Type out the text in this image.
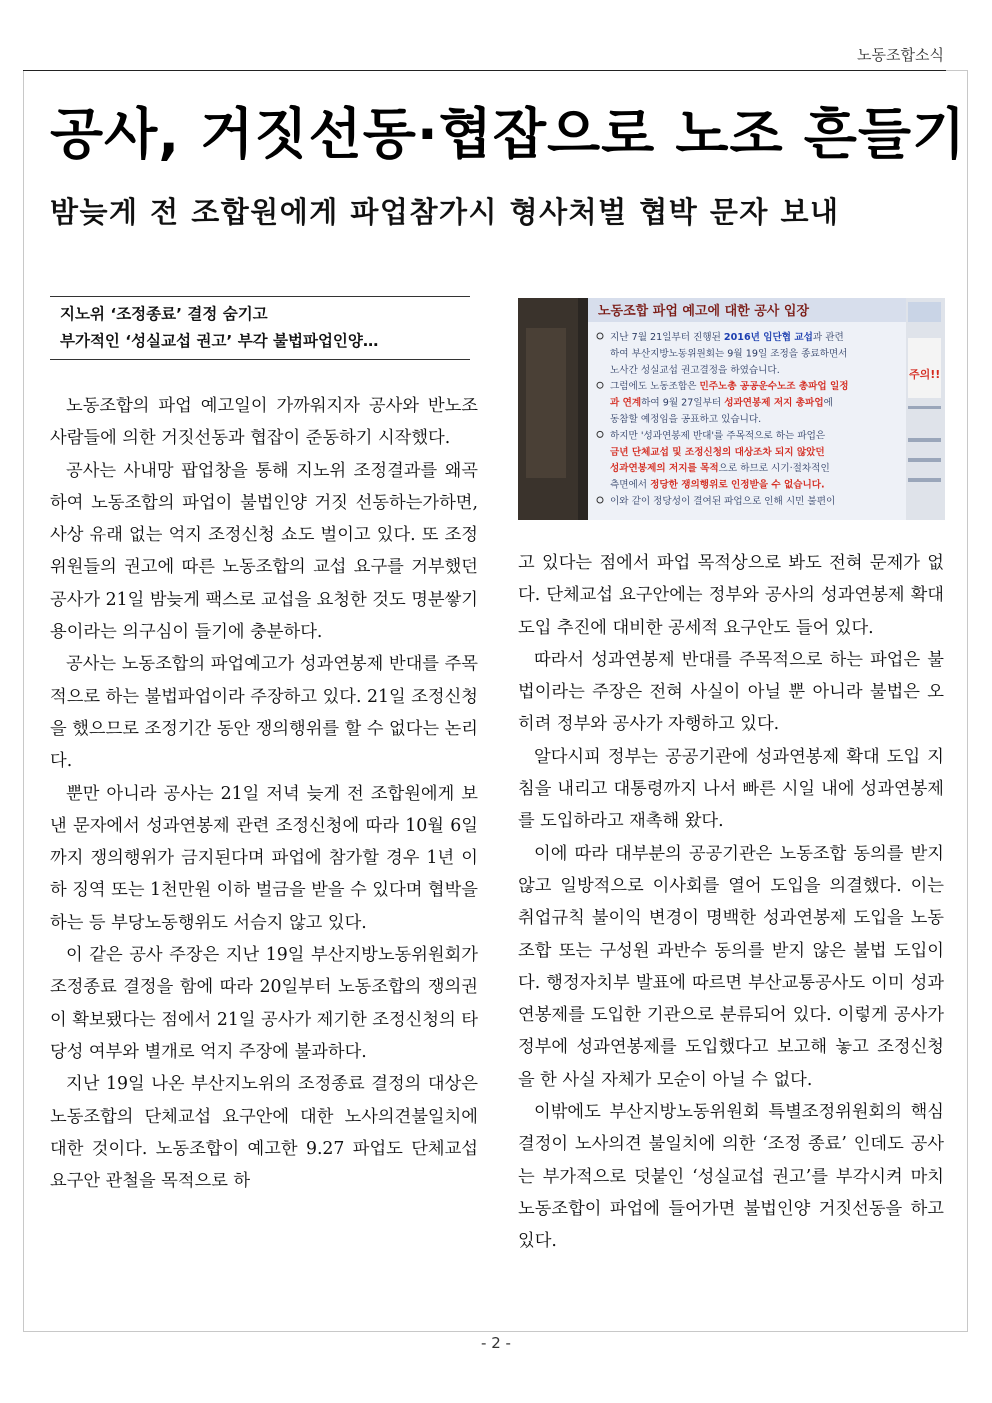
노동조합소식
공사, 거짓선동·협잡으로 노조 흔들기
밤늦게 전 조합원에게 파업참가시 형사처벌 협박 문자 보내
지노위 ‘조정종료’ 결정 숨기고
부가적인 ‘성실교섭 권고’ 부각 불법파업인양…
주의!!
노동조합 파업 예고에 대한 공사 입장
지난 7월 21일부터 진행된 2016년 임단협 교섭과 관련
하여 부산지방노동위원회는 9월 19일 조정을 종료하면서
노사간 성실교섭 권고결정을 하였습니다.
그럼에도 노동조합은 민주노총 공공운수노조 총파업 일정
과 연계하여 9월 27일부터 성과연봉제 저지 총파업에
동참할 예정임을 공표하고 있습니다.
하지만 '성과연봉제 반대'를 주목적으로 하는 파업은
금년 단체교섭 및 조정신청의 대상조차 되지 않았던
성과연봉제의 저지를 목적으로 하므로 시기·절차적인
측면에서 정당한 쟁의행위로 인정받을 수 없습니다.
이와 같이 정당성이 결여된 파업으로 인해 시민 불편이

노동조합의 파업 예고일이 가까워지자 공사와 반노조 사람들에 의한 거짓선동과 협잡이 준동하기 시작했다.

공사는 사내망 팝업창을 통해 지노위 조정결과를 왜곡하여 노동조합의 파업이 불법인양 거짓 선동하는가하면, 사상 유래 없는 억지 조정신청 쇼도 벌이고 있다. 또 조정위원들의 권고에 따른 노동조합의 교섭 요구를 거부했던 공사가 21일 밤늦게 팩스로 교섭을 요청한 것도 명분쌓기용이라는 의구심이 들기에 충분하다.

공사는 노동조합의 파업예고가 성과연봉제 반대를 주목적으로 하는 불법파업이라 주장하고 있다. 21일 조정신청을 했으므로 조정기간 동안 쟁의행위를 할 수 없다는 논리다.

뿐만 아니라 공사는 21일 저녁 늦게 전 조합원에게 보낸 문자에서 성과연봉제 관련 조정신청에 따라 10월 6일까지 쟁의행위가 금지된다며 파업에 참가할 경우 1년 이하 징역 또는 1천만원 이하 벌금을 받을 수 있다며 협박을 하는 등 부당노동행위도 서슴지 않고 있다.

이 같은 공사 주장은 지난 19일 부산지방노동위원회가 조정종료 결정을 함에 따라 20일부터 노동조합의 쟁의권이 확보됐다는 점에서 21일 공사가 제기한 조정신청의 타당성 여부와 별개로 억지 주장에 불과하다.

지난 19일 나온 부산지노위의 조정종료 결정의 대상은 노동조합의 단체교섭 요구안에 대한 노사의견불일치에 대한 것이다. 노동조합이 예고한 9.27 파업도 단체교섭 요구안 관철을 목적으로 하

고 있다는 점에서 파업 목적상으로 봐도 전혀 문제가 없다. 단체교섭 요구안에는 정부와 공사의 성과연봉제 확대 도입 추진에 대비한 공세적 요구안도 들어 있다.

따라서 성과연봉제 반대를 주목적으로 하는 파업은 불법이라는 주장은 전혀 사실이 아닐 뿐 아니라 불법은 오히려 정부와 공사가 자행하고 있다.

알다시피 정부는 공공기관에 성과연봉제 확대 도입 지침을 내리고 대통령까지 나서 빠른 시일 내에 성과연봉제를 도입하라고 재촉해 왔다.

이에 따라 대부분의 공공기관은 노동조합 동의를 받지 않고 일방적으로 이사회를 열어 도입을 의결했다. 이는 취업규칙 불이익 변경이 명백한 성과연봉제 도입을 노동조합 또는 구성원 과반수 동의를 받지 않은 불법 도입이다. 행정자치부 발표에 따르면 부산교통공사도 이미 성과연봉제를 도입한 기관으로 분류되어 있다. 이렇게 공사가 정부에 성과연봉제를 도입했다고 보고해 놓고 조정신청을 한 사실 자체가 모순이 아닐 수 없다.

이밖에도 부산지방노동위원회 특별조정위원회의 핵심 결정이 노사의견 불일치에 의한 ‘조정 종료’ 인데도 공사는 부가적으로 덧붙인 ‘성실교섭 권고’를 부각시켜 마치 노동조합이 파업에 들어가면 불법인양 거짓선동을 하고 있다.

- 2 -
